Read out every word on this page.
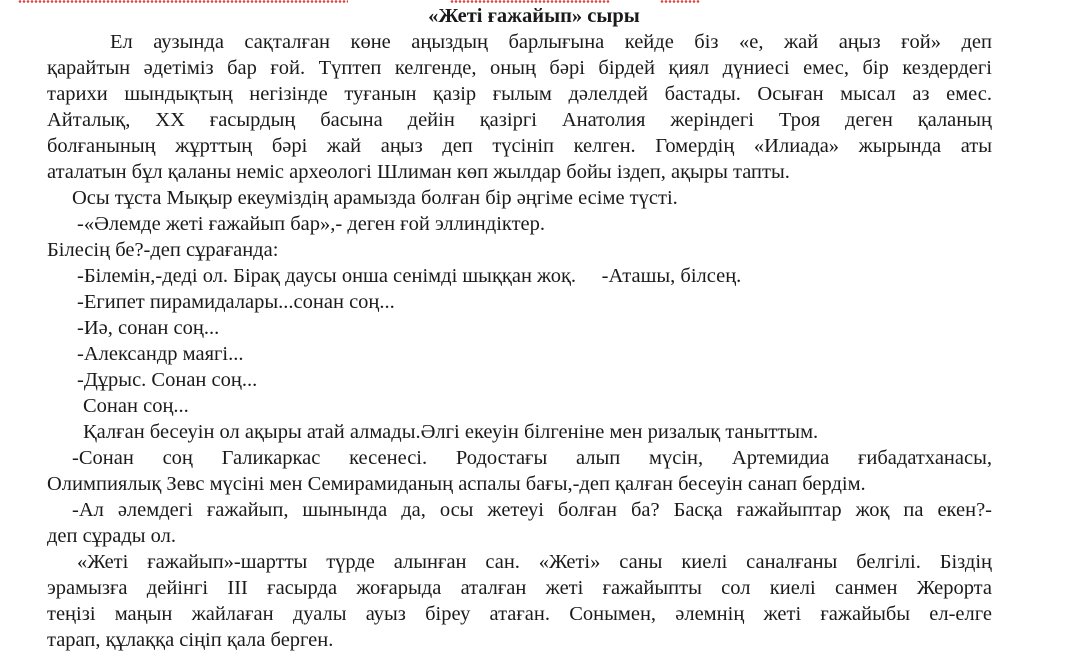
«Жеті ғажайып» сыры

Ел аузында сақталған көне аңыздың барлығына кейде біз «е, жай аңыз ғой» деп

қарайтын әдетіміз бар ғой. Түптеп келгенде, оның бәрі бірдей қиял дүниесі емес, бір кездердегі

тарихи шындықтың негізінде туғанын қазір ғылым дәлелдей бастады. Осыған мысал аз емес.

Айталық, XX ғасырдың басына дейін қазіргі Анатолия жеріндегі Троя деген қаланың

болғанының жұрттың бәрі жай аңыз деп түсініп келген. Гомердің «Илиада» жырында аты

аталатын бұл қаланы неміс археологі Шлиман көп жылдар бойы іздеп, ақыры тапты.

Осы тұста Мықыр екеуміздің арамызда болған бір әңгіме есіме түсті.

-«Әлемде жеті ғажайып бар»,- деген ғой эллиндіктер.

Білесің бе?-деп сұрағанда:

-Білемін,-деді ол. Бірақ даусы онша сенімді шыққан жоқ.     -Аташы, білсең.

-Египет пирамидалары...сонан соң...

-Иә, сонан соң...

-Александр маягі...

-Дұрыс. Сонан соң...

Сонан соң...

Қалған бесеуін ол ақыры атай алмады.Әлгі екеуін білгеніне мен ризалық таныттым.

-Сонан соң Галикаркас кесенесі. Родостағы алып мүсін, Артемидиа ғибадатханасы,

Олимпиялық Зевс мүсіні мен Семирамиданың аспалы бағы,-деп қалған бесеуін санап бердім.

-Ал әлемдегі ғажайып, шынында да, осы жетеуі болған ба? Басқа ғажайыптар жоқ па екен?-

деп сұрады ол.

«Жеті ғажайып»-шартты түрде алынған сан. «Жеті» саны киелі саналғаны белгілі. Біздің

эрамызға дейінгі III ғасырда жоғарыда аталған жеті ғажайыпты сол киелі санмен Жерорта

теңізі маңын жайлаған дуалы ауыз біреу атаған. Сонымен, әлемнің жеті ғажайыбы ел-елге

тарап, құлаққа сіңіп қала берген.
